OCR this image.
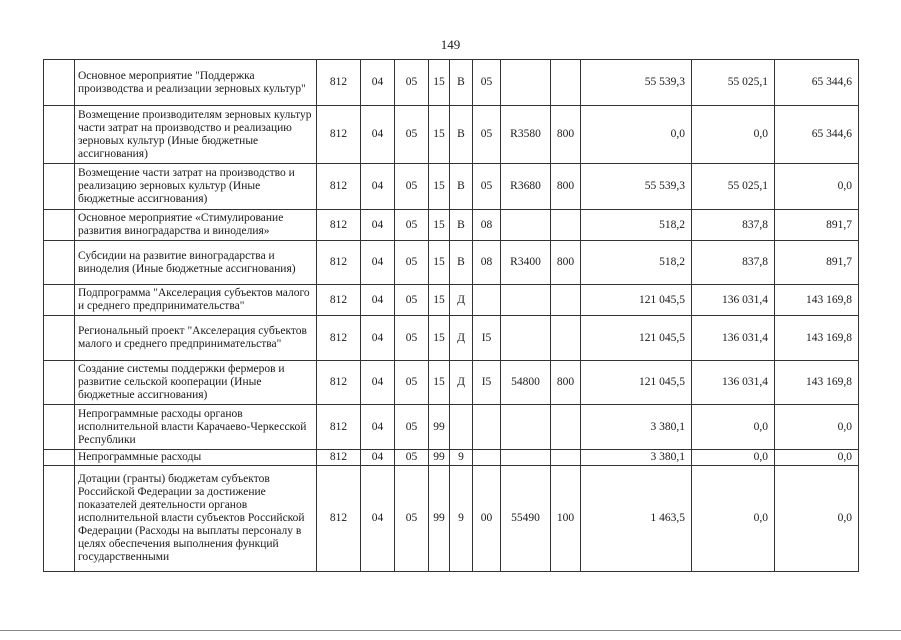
149
	Основное мероприятие "Поддержка производства и реализации зерновых культур"	812	04	05	15	В	05			55 539,3	55 025,1	65 344,6
	Возмещение производителям зерновых культур части затрат на производство и реализацию зерновых культур (Иные бюджетные ассигнования)	812	04	05	15	В	05	R3580	800	0,0	0,0	65 344,6
	Возмещение части затрат на производство и реализацию зерновых культур (Иные бюджетные ассигнования)	812	04	05	15	В	05	R3680	800	55 539,3	55 025,1	0,0
	Основное мероприятие «Стимулирование развития виноградарства и виноделия»	812	04	05	15	В	08			518,2	837,8	891,7
	Субсидии на развитие виноградарства и виноделия (Иные бюджетные ассигнования)	812	04	05	15	В	08	R3400	800	518,2	837,8	891,7
	Подпрограмма "Акселерация субъектов малого и среднего предпринимательства"	812	04	05	15	Д				121 045,5	136 031,4	143 169,8
	Региональный проект "Акселерация субъектов малого и среднего предпринимательства"	812	04	05	15	Д	I5			121 045,5	136 031,4	143 169,8
	Создание системы поддержки фермеров и развитие сельской кооперации (Иные бюджетные ассигнования)	812	04	05	15	Д	I5	54800	800	121 045,5	136 031,4	143 169,8
	Непрограммные расходы органов исполнительной власти Карачаево-Черкесской Республики	812	04	05	99					3 380,1	0,0	0,0
	Непрограммные расходы	812	04	05	99	9				3 380,1	0,0	0,0
	Дотации (гранты) бюджетам субъектов Российской Федерации за достижение показателей деятельности органов исполнительной власти субъектов Российской Федерации (Расходы на выплаты персоналу в целях обеспечения выполнения функций государственными	812	04	05	99	9	00	55490	100	1 463,5	0,0	0,0
